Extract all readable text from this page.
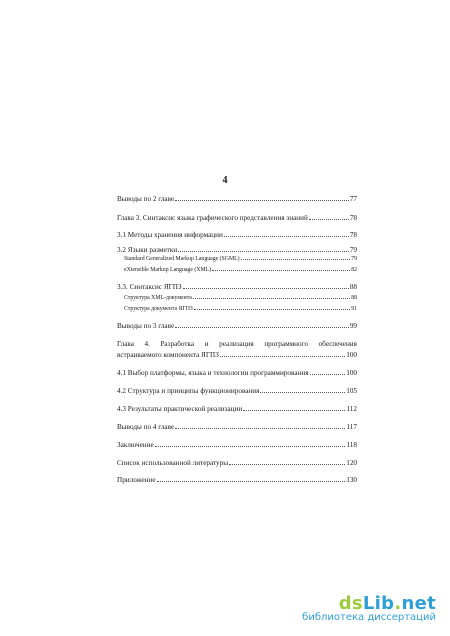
4
Выводы по 2 главе	77
Глава 3. Синтаксис языка графического представления знаний	78
3.1 Методы хранения информации	78
3.2 Языки разметки	79
Standard Generalized Markup Language (SGML)	79
eXtensible Markup Language (XML)	82
3.3. Синтаксис ЯГПЗ	88
Структура XML-документа	88
Структура документа ЯГПЗ	91
Выводы по 3 главе	99
Глава 4. Разработка и реализация программного обеспечения
встраиваемого компонента ЯГПЗ	100
4.1 Выбор платформы, языка и технологии программирования	100
4.2 Структура и принципы функционирования	105
4.3 Результаты практической реализации	112
Выводы по 4 главе	117
Заключение	118
Список использованной литературы	120
Приложение	130
dsLib.net
библиотека диссертаций
